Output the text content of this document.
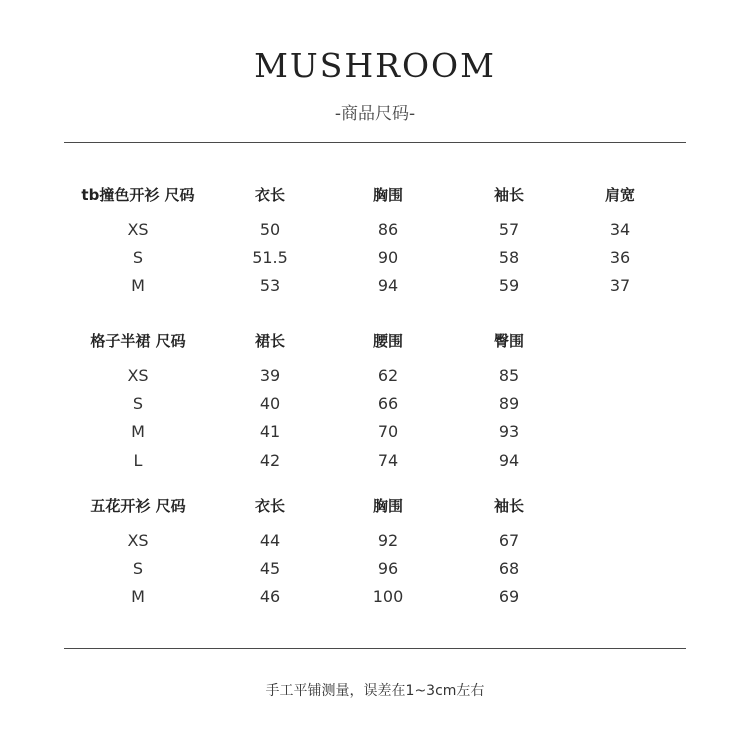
MUSHROOM
-商品尺码-
tb撞色开衫 尺码	衣长	胸围	袖长	肩宽
XS	50	86	57	34
S	51.5	90	58	36
M	53	94	59	37
格子半裙 尺码	裙长	腰围	臀围
XS	39	62	85
S	40	66	89
M	41	70	93
L	42	74	94
五花开衫 尺码	衣长	胸围	袖长
XS	44	92	67
S	45	96	68
M	46	100	69
手工平铺测量，误差在1~3cm左右
